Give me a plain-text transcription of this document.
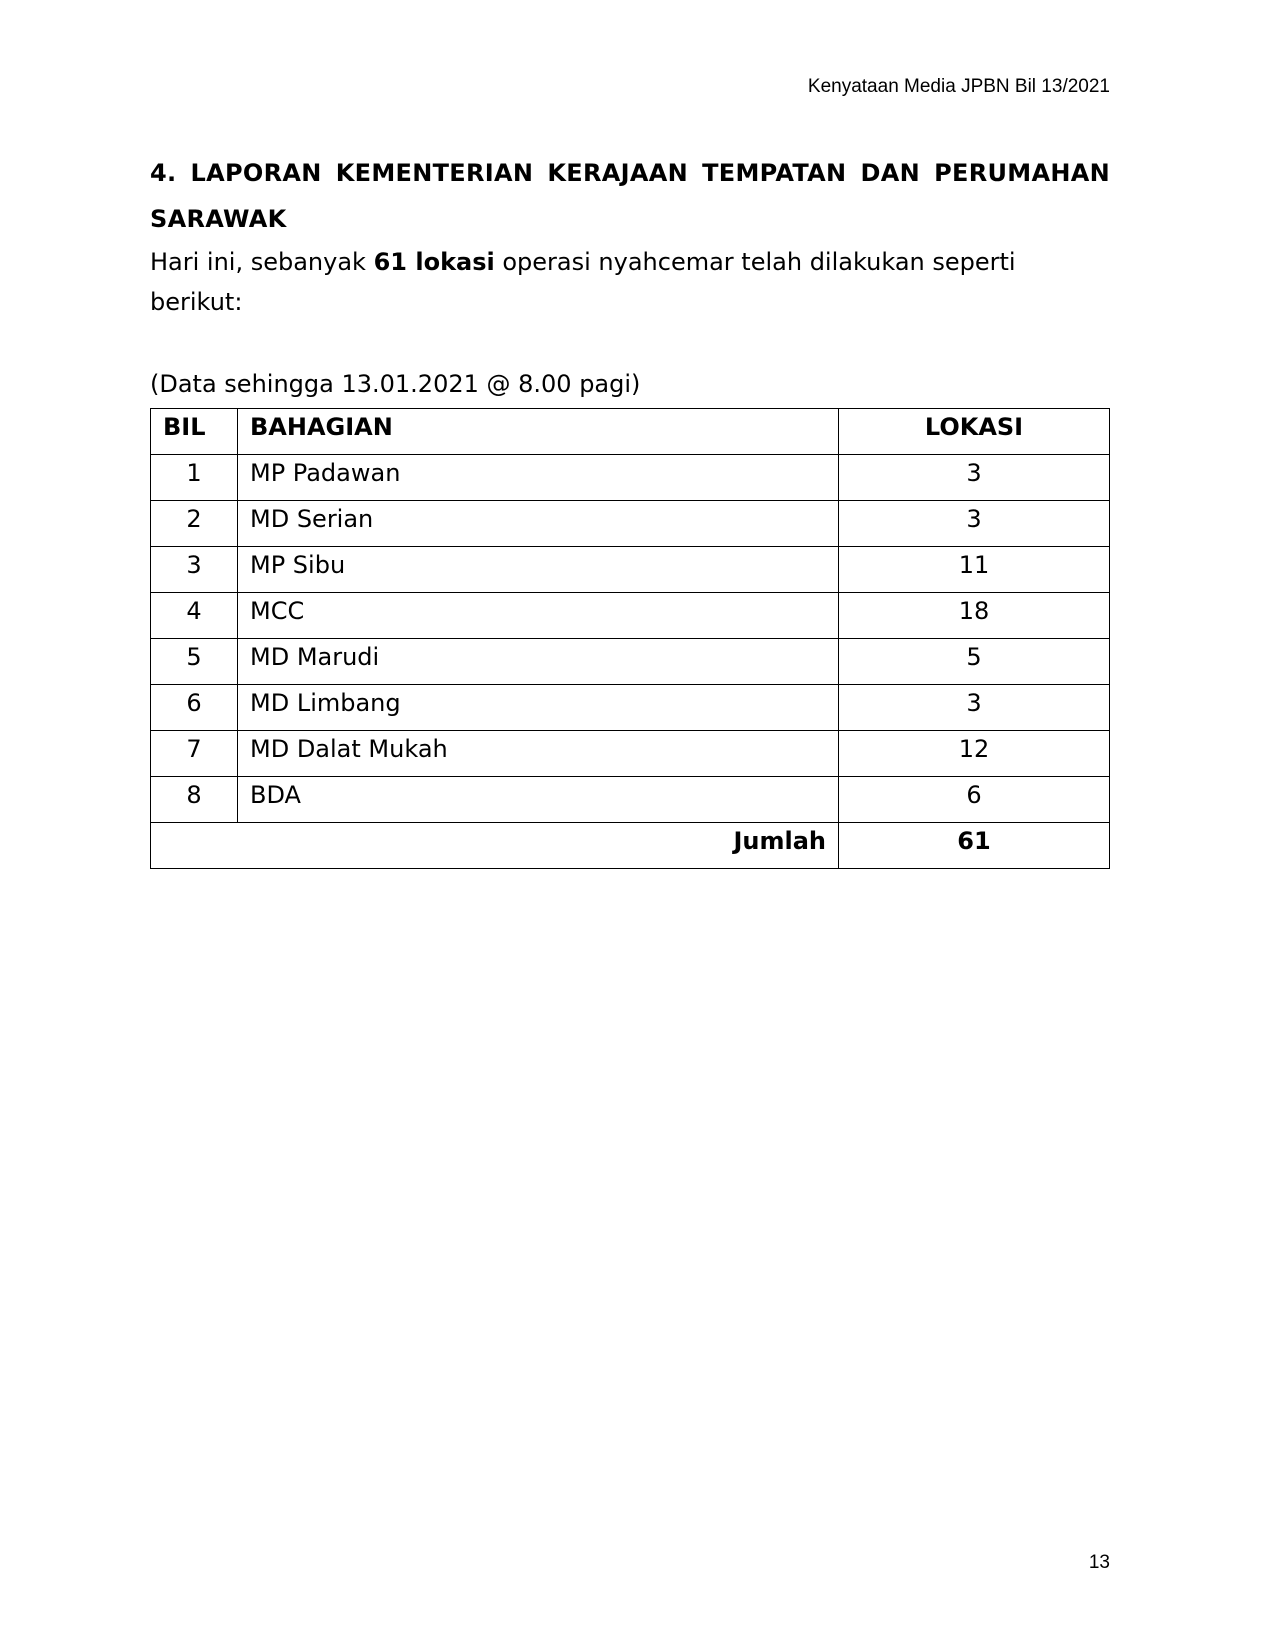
Kenyataan Media JPBN Bil 13/2021

4. LAPORAN KEMENTERIAN KERAJAAN TEMPATAN DAN PERUMAHAN SARAWAK

Hari ini, sebanyak 61 lokasi operasi nyahcemar telah dilakukan seperti berikut:

(Data sehingga 13.01.2021 @ 8.00 pagi)
BIL	BAHAGIAN	LOKASI
1	MP Padawan	3
2	MD Serian	3
3	MP Sibu	11
4	MCC	18
5	MD Marudi	5
6	MD Limbang	3
7	MD Dalat Mukah	12
8	BDA	6
Jumlah		61
13
